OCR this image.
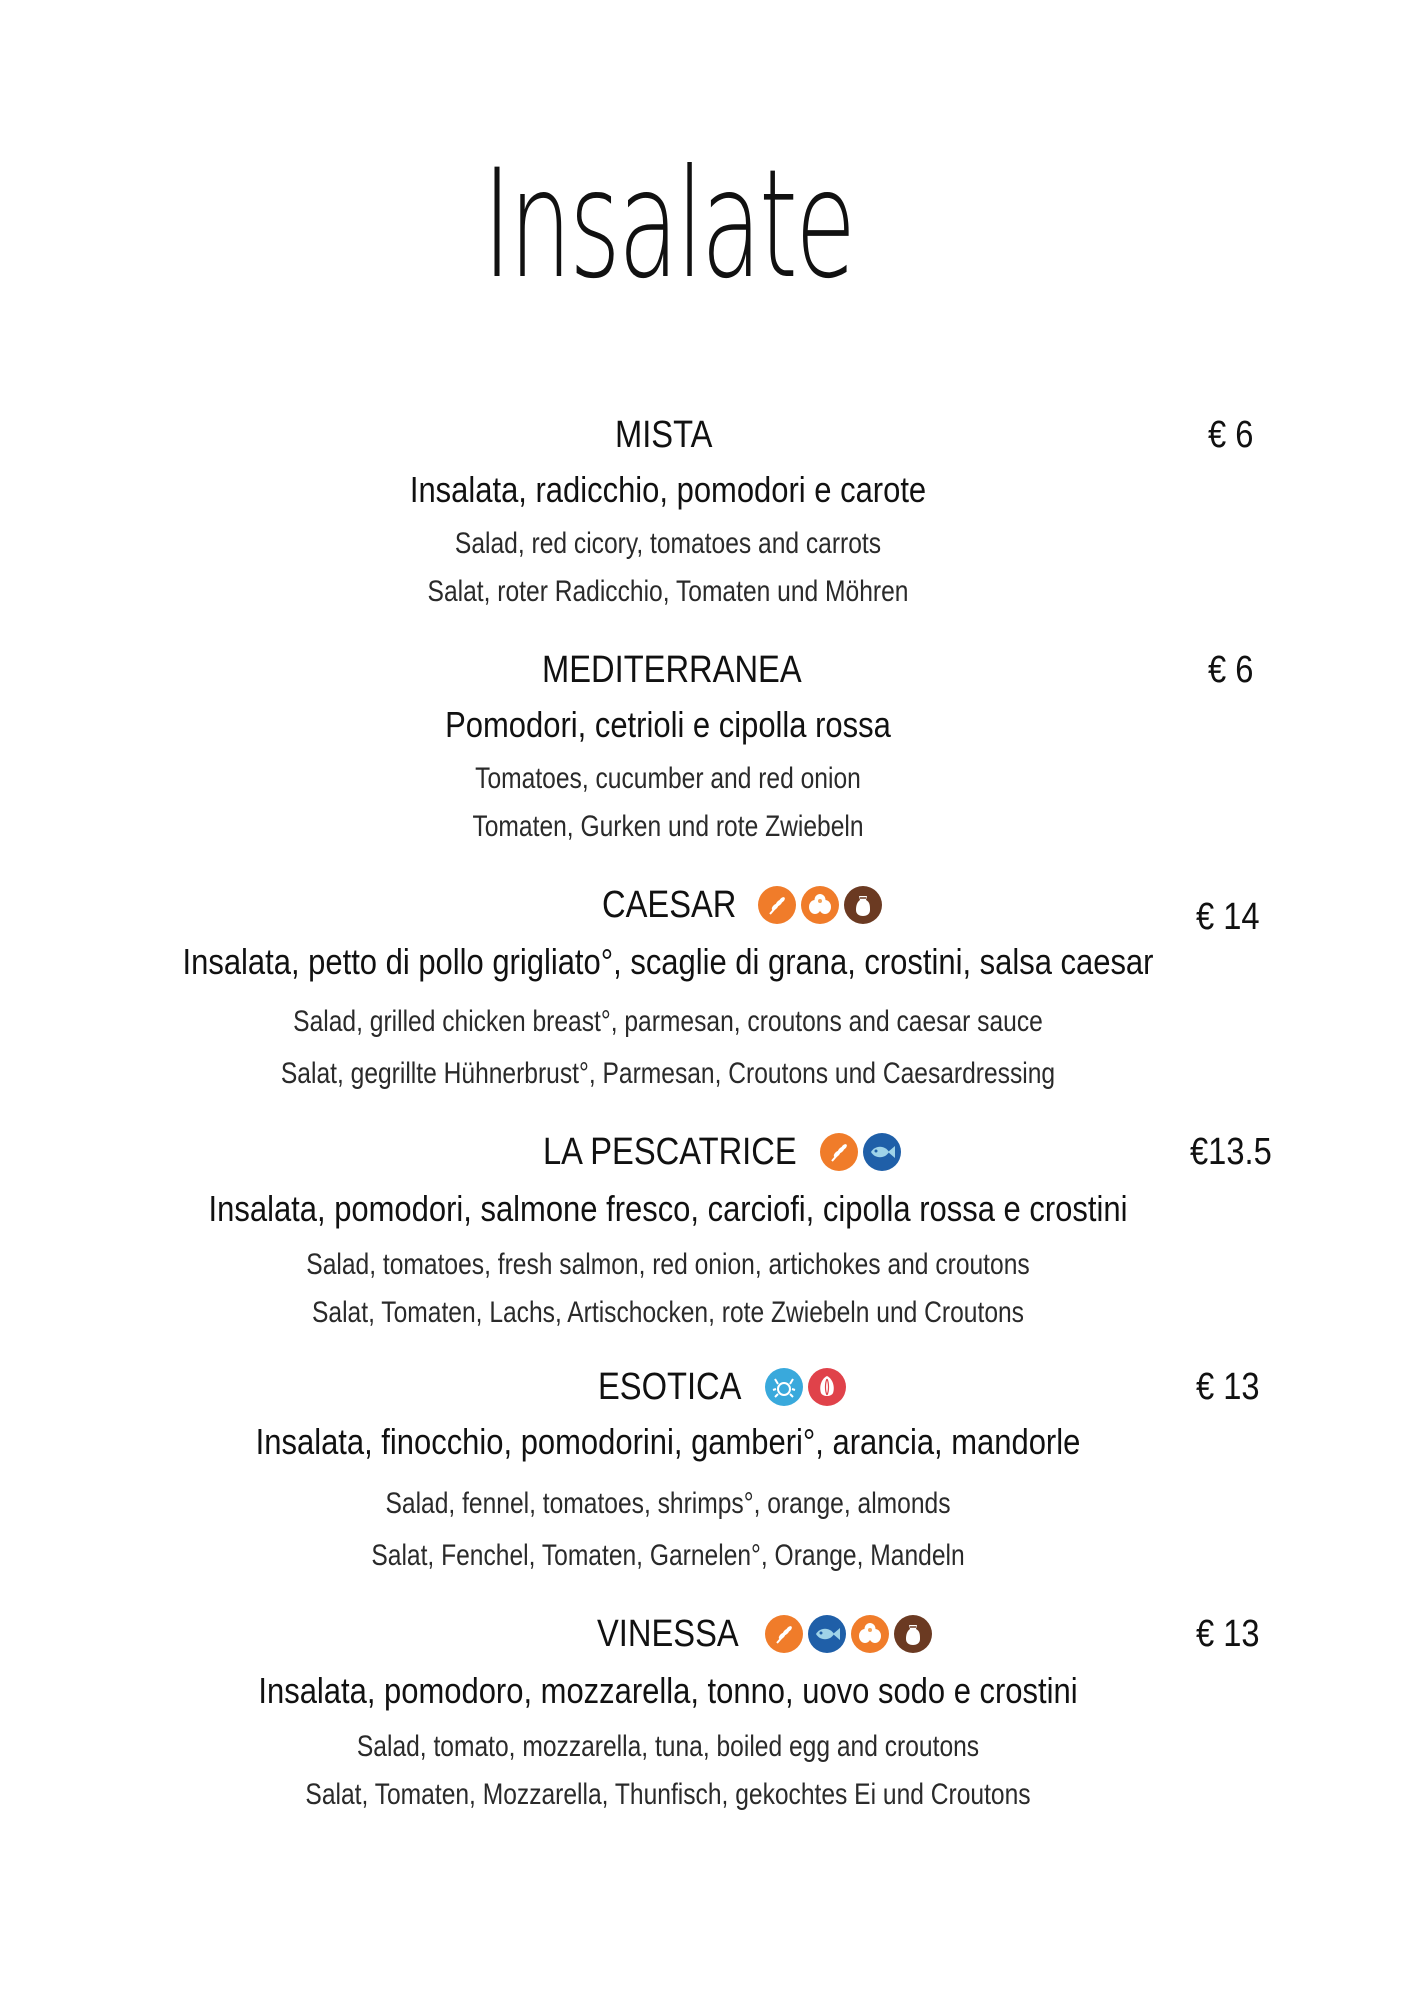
Insalate
MISTA	€ 6
Insalata, radicchio, pomodori e carote
Salad, red cicory, tomatoes and carrots
Salat, roter Radicchio, Tomaten und Möhren
MEDITERRANEA	€ 6
Pomodori, cetrioli e cipolla rossa
Tomatoes, cucumber and red onion
Tomaten, Gurken und rote Zwiebeln
CAESAR	€ 14
Insalata, petto di pollo grigliato°, scaglie di grana, crostini, salsa caesar
Salad, grilled chicken breast°, parmesan, croutons and caesar sauce
Salat, gegrillte Hühnerbrust°, Parmesan, Croutons und Caesardressing
LA PESCATRICE	€13.5
Insalata, pomodori, salmone fresco, carciofi, cipolla rossa e crostini
Salad, tomatoes, fresh salmon, red onion, artichokes and croutons
Salat, Tomaten, Lachs, Artischocken, rote Zwiebeln und Croutons
ESOTICA	€ 13
Insalata, finocchio, pomodorini, gamberi°, arancia, mandorle
Salad, fennel, tomatoes, shrimps°, orange, almonds
Salat, Fenchel, Tomaten, Garnelen°, Orange, Mandeln
VINESSA	€ 13
Insalata, pomodoro, mozzarella, tonno, uovo sodo e crostini
Salad, tomato, mozzarella, tuna, boiled egg and croutons
Salat, Tomaten, Mozzarella, Thunfisch, gekochtes Ei und Croutons
